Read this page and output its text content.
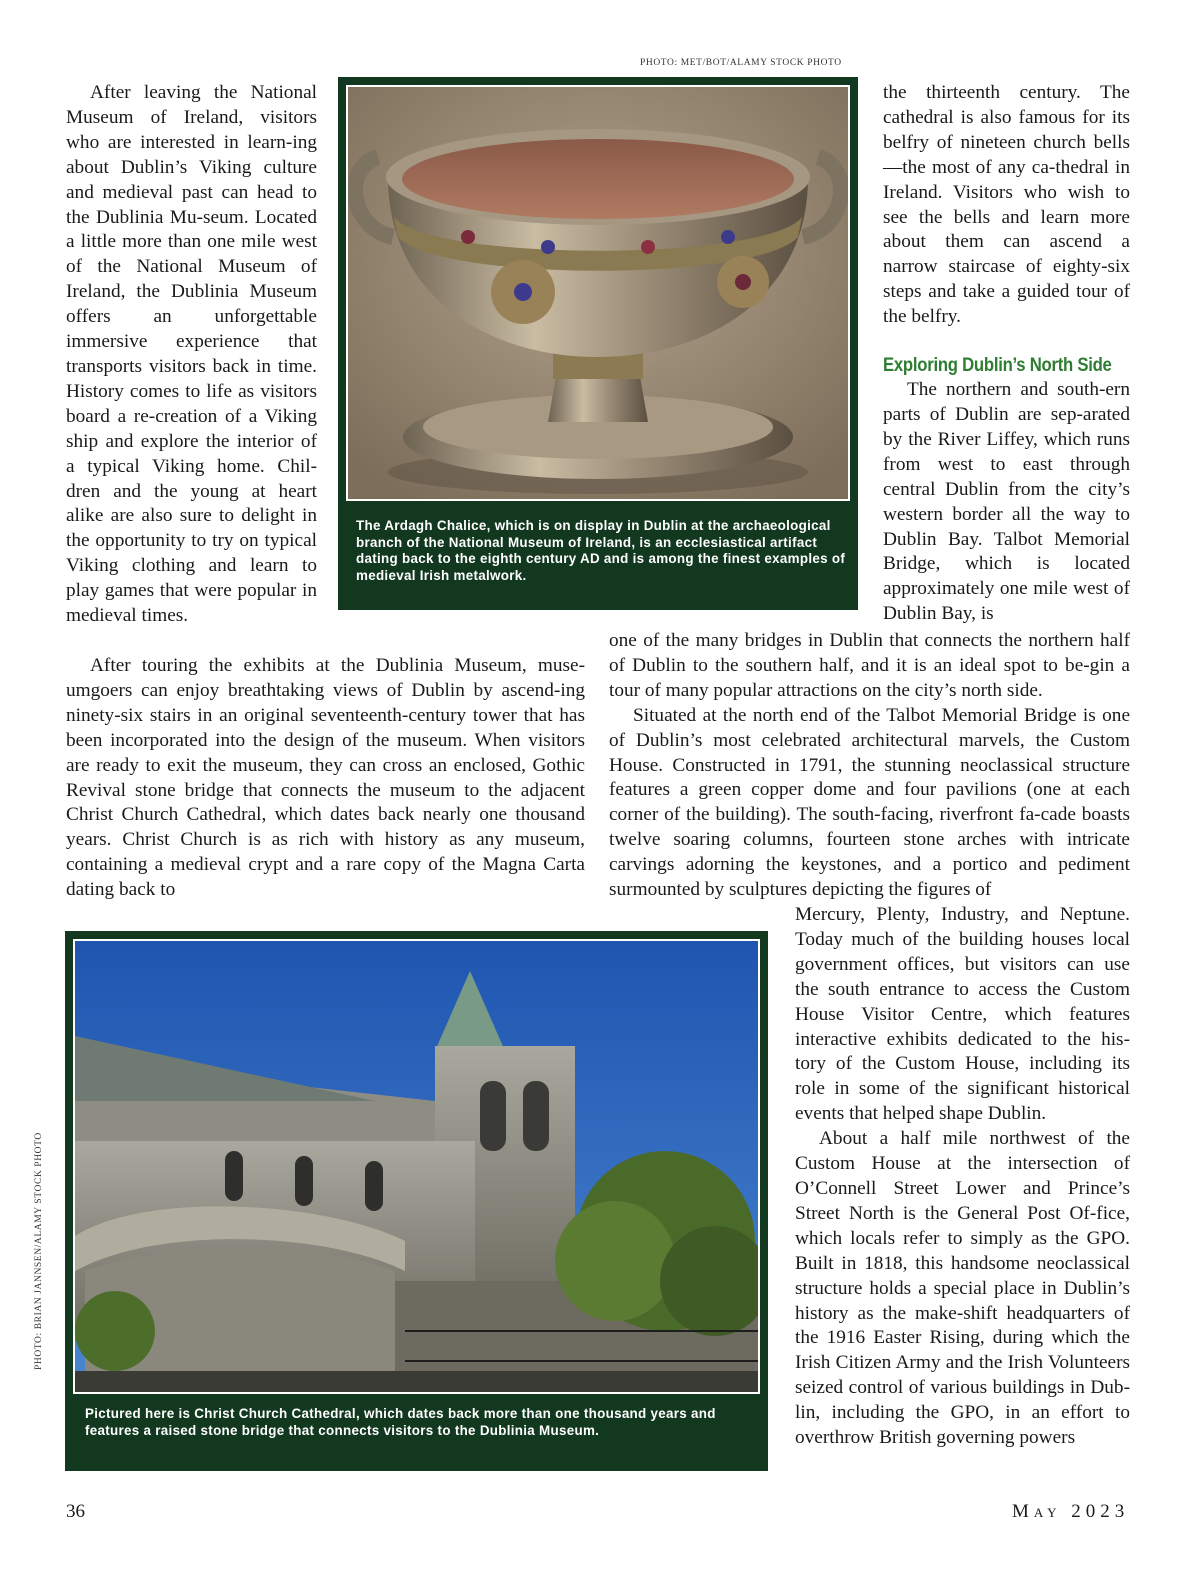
PHOTO: MET/BOT/ALAMY STOCK PHOTO
PHOTO: BRIAN JANNSEN/ALAMY STOCK PHOTO

After leaving the National Museum of Ireland, visitors who are interested in learn-ing about Dublin’s Viking culture and medieval past can head to the Dublinia Mu-seum. Located a little more than one mile west of the National Museum of Ireland, the Dublinia Museum offers an unforgettable immersive experience that transports visitors back in time. History comes to life as visitors board a re-creation of a Viking ship and explore the interior of a typical Viking home. Chil-dren and the young at heart alike are also sure to delight in the opportunity to try on typical Viking clothing and learn to play games that were popular in medieval times.

After touring the exhibits at the Dublinia Museum, muse-umgoers can enjoy breathtaking views of Dublin by ascend-ing ninety-six stairs in an original seventeenth-century tower that has been incorporated into the design of the museum. When visitors are ready to exit the museum, they can cross an enclosed, Gothic Revival stone bridge that connects the museum to the adjacent Christ Church Cathedral, which dates back nearly one thousand years. Christ Church is as rich with history as any museum, containing a medieval crypt and a rare copy of the Magna Carta dating back to

the thirteenth century. The cathedral is also famous for its belfry of nineteen church bells—the most of any ca-thedral in Ireland. Visitors who wish to see the bells and learn more about them can ascend a narrow staircase of eighty-six steps and take a guided tour of the belfry.

Exploring Dublin’s North Side

The northern and south-ern parts of Dublin are sep-arated by the River Liffey, which runs from west to east through central Dublin from the city’s western border all the way to Dublin Bay. Talbot Memorial Bridge, which is located approximately one mile west of Dublin Bay, is

one of the many bridges in Dublin that connects the northern half of Dublin to the southern half, and it is an ideal spot to be-gin a tour of many popular attractions on the city’s north side.

Situated at the north end of the Talbot Memorial Bridge is one of Dublin’s most celebrated architectural marvels, the Custom House. Constructed in 1791, the stunning neoclassical structure features a green copper dome and four pavilions (one at each corner of the building). The south-facing, riverfront fa-cade boasts twelve soaring columns, fourteen stone arches with intricate carvings adorning the keystones, and a portico and pediment surmounted by sculptures depicting the figures of

Mercury, Plenty, Industry, and Neptune. Today much of the building houses local government offices, but visitors can use the south entrance to access the Custom House Visitor Centre, which features interactive exhibits dedicated to the his-tory of the Custom House, including its role in some of the significant historical events that helped shape Dublin.

About a half mile northwest of the Custom House at the intersection of O’Connell Street Lower and Prince’s Street North is the General Post Of-fice, which locals refer to simply as the GPO. Built in 1818, this handsome neoclassical structure holds a special place in Dublin’s history as the make-shift headquarters of the 1916 Easter Rising, during which the Irish Citizen Army and the Irish Volunteers seized control of various buildings in Dub-lin, including the GPO, in an effort to overthrow British governing powers

The Ardagh Chalice, which is on display in Dublin at the archaeological branch of the National Museum of Ireland, is an ecclesiastical artifact dating back to the eighth century AD and is among the finest examples of medieval Irish metalwork.
Pictured here is Christ Church Cathedral, which dates back more than one thousand years and features a raised stone bridge that connects visitors to the Dublinia Museum.
36	May 2023
